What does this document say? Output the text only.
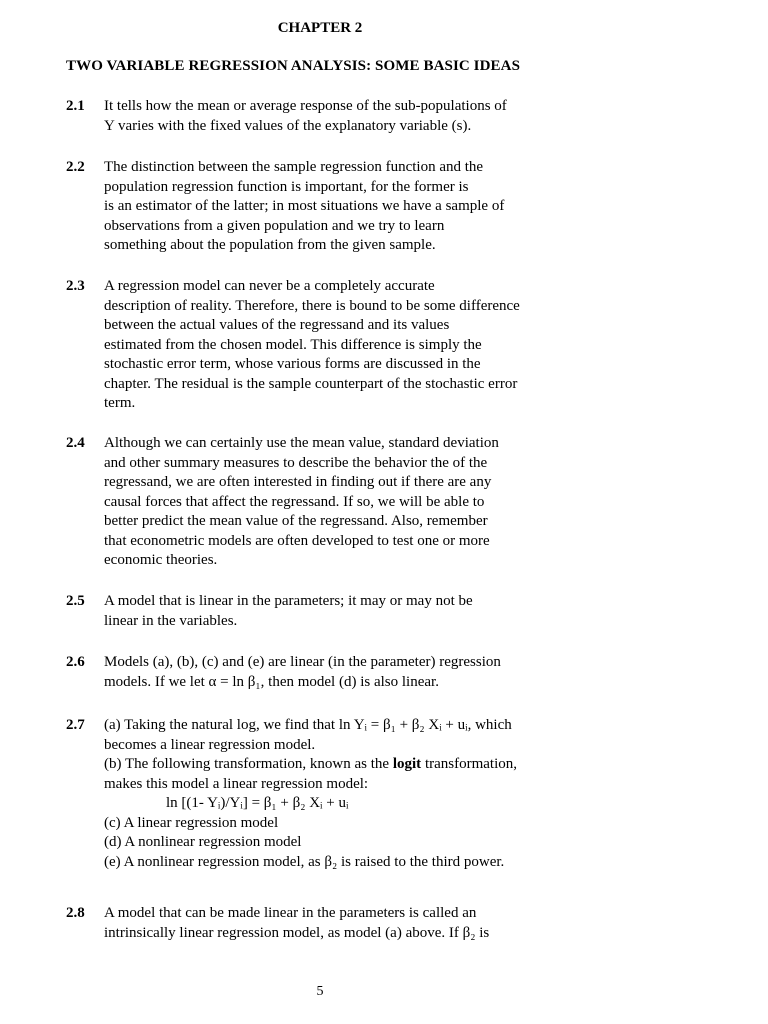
CHAPTER 2
TWO VARIABLE REGRESSION ANALYSIS: SOME BASIC IDEAS
2.1	It tells how the mean or average response of the sub-populations of
Y varies with the fixed values of the explanatory variable (s).
2.2	The distinction between the sample regression function and the
population regression function is important, for the former is
is an estimator of the latter; in most situations we have a sample of
observations from a given population and we try to learn
something about the population from the given sample.
2.3	A regression model can never be a completely accurate
description of reality. Therefore, there is bound to be some difference
between the actual values of the regressand and its values
estimated from the chosen model. This difference is simply the
stochastic error term, whose various forms are discussed in the
chapter. The residual is the sample counterpart of the stochastic error
term.
2.4	Although we can certainly use the mean value, standard deviation
and other summary measures to describe the behavior the of the
regressand, we are often interested in finding out if there are any
causal forces that affect the regressand. If so, we will be able to
better predict the mean value of the regressand. Also, remember
that econometric models are often developed to test one or more
economic theories.
2.5	A model that is linear in the parameters; it may or may not be
linear in the variables.
2.6	Models (a), (b), (c) and (e) are linear (in the parameter) regression
models. If we let α = ln β₁, then model (d) is also linear.
2.7	(a) Taking the natural log, we find that ln Yᵢ = β₁ + β₂ Xᵢ + uᵢ, which
becomes a linear regression model.
(b) The following transformation, known as the logit transformation,
makes this model a linear regression model:
ln [(1- Yᵢ)/Yᵢ] = β₁ + β₂ Xᵢ + uᵢ
(c) A linear regression model
(d) A nonlinear regression model
(e) A nonlinear regression model, as β₂ is raised to the third power.
2.8	A model that can be made linear in the parameters is called an
intrinsically linear regression model, as model (a) above. If β₂ is
5
